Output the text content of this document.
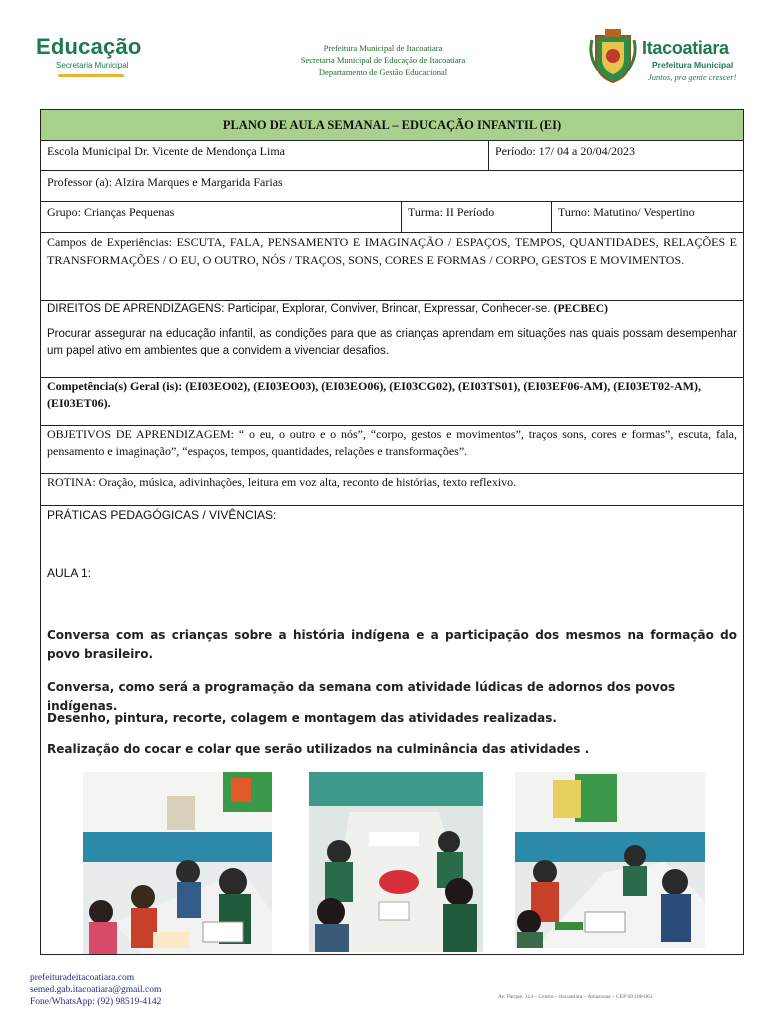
Educação
Secretaria Municipal
Prefeitura Municipal de Itacoatiara
Secretaria Municipal de Educação de Itacoatiara
Departamento de Gestão Educacional
Itacoatiara
Prefeitura Municipal
Juntos, pra gente crescer!
PLANO DE AULA SEMANAL – EDUCAÇÃO INFANTIL (EI)
Escola Municipal Dr. Vicente de Mendonça Lima	Período: 17/ 04 a 20/04/2023
Professor (a): Alzira Marques e Margarida Farias
Grupo: Crianças Pequenas	Turma: II Período	Turno: Matutino/ Vespertino
Campos de Experiências: ESCUTA, FALA, PENSAMENTO E IMAGINAÇÃO / ESPAÇOS, TEMPOS, QUANTIDADES, RELAÇÕES E TRANSFORMAÇÕES / O EU, O OUTRO, NÓS / TRAÇOS, SONS, CORES E FORMAS / CORPO, GESTOS E MOVIMENTOS.
DIREITOS DE APRENDIZAGENS: Participar, Explorar, Conviver, Brincar, Expressar, Conhecer-se. (PECBEC)
Procurar assegurar na educação infantil, as condições para que as crianças aprendam em situações nas quais possam desempenhar um papel ativo em ambientes que a convidem a vivenciar desafios.
Competência(s) Geral (is): (EI03EO02), (EI03EO03), (EI03EO06), (EI03CG02), (EI03TS01), (EI03EF06-AM), (EI03ET02-AM), (EI03ET06).
OBJETIVOS DE APRENDIZAGEM: “ o eu, o outro e o nós”, “corpo, gestos e movimentos”, traços sons, cores e formas”, escuta, fala, pensamento e imaginação”, “espaços, tempos, quantidades, relações e transformações”.
ROTINA: Oração, música, adivinhações, leitura em voz alta, reconto de histórias, texto reflexivo.
PRÁTICAS PEDAGÓGICAS / VIVÊNCIAS:
AULA 1:
Conversa com as crianças sobre a história indígena e a participação dos mesmos na formação do povo brasileiro.
Conversa, como será a programação da semana com atividade lúdicas de adornos dos povos indígenas.
Desenho, pintura, recorte, colagem e montagem das atividades realizadas.
Realização do cocar e colar que serão utilizados na culminância das atividades .
prefeituradeitacoatiara.com
semed.gab.itacoatiara@gmail.com
Fone/WhatsApp: (92) 98519-4142	Av. Parque, 314 – Centro – Itacoatiara – Amazonas – CEP 69.100-063
